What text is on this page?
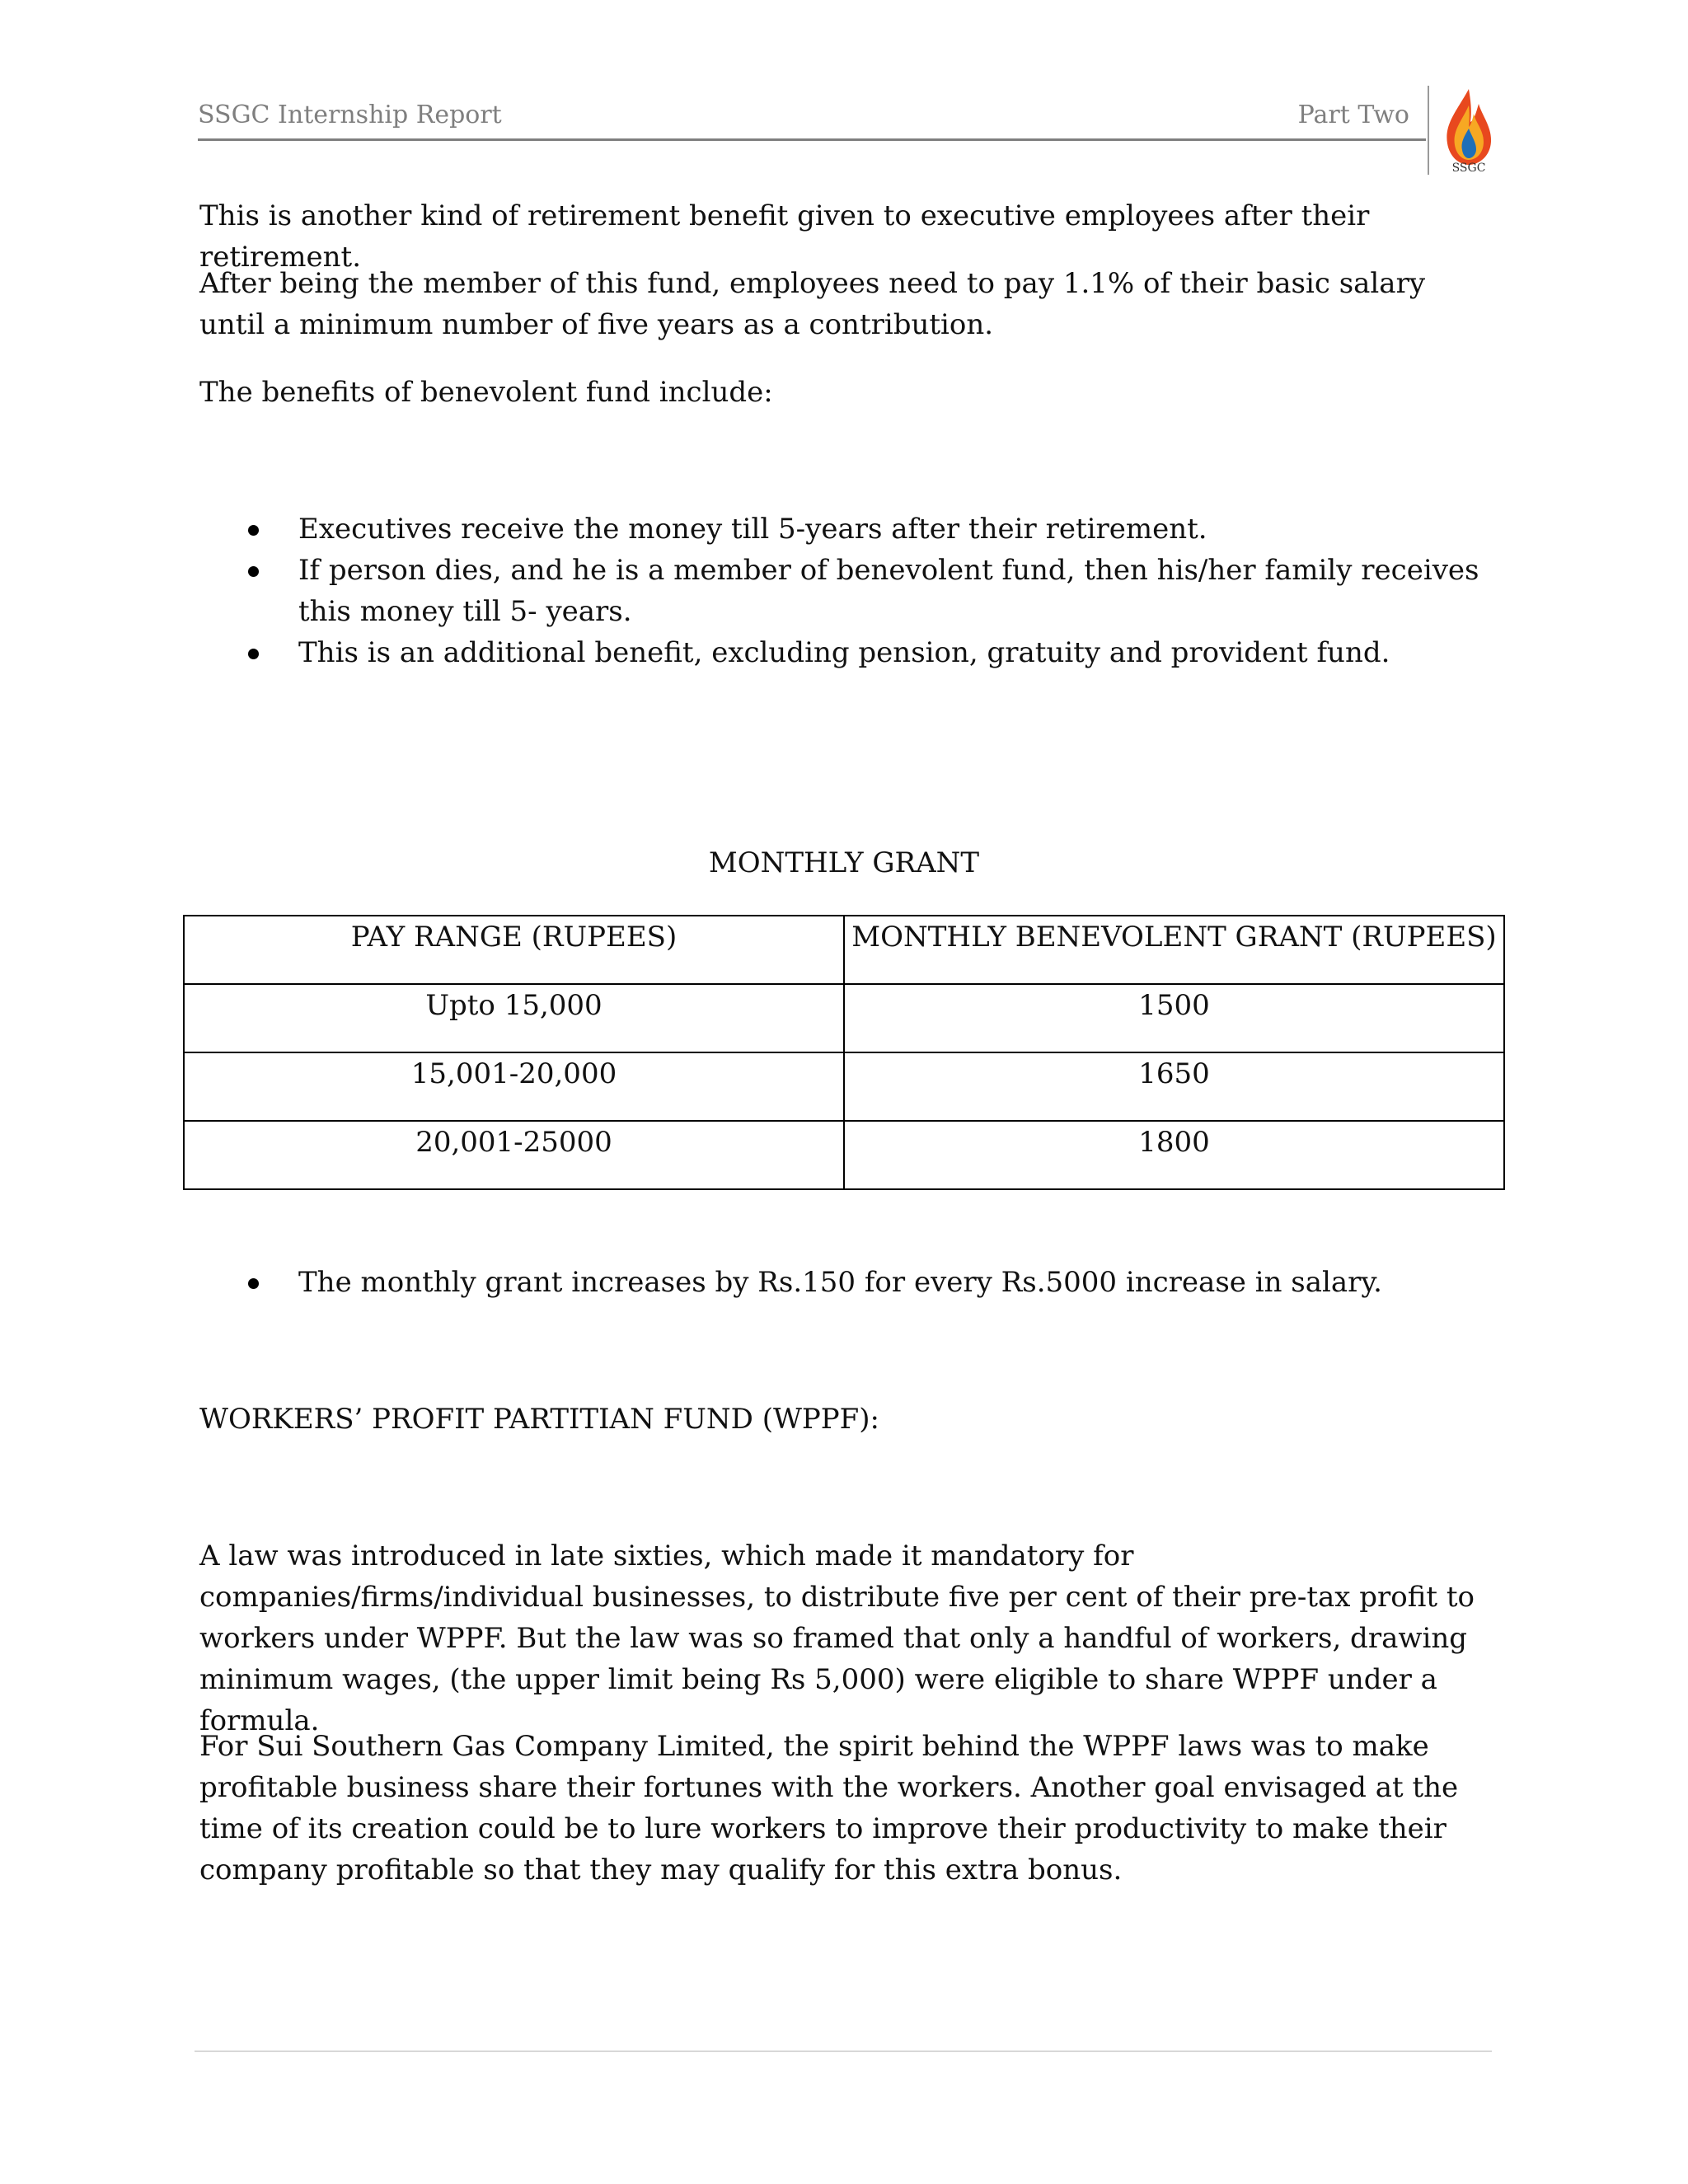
SSGC Internship Report	Part Two
SSGC

This is another kind of retirement benefit given to executive employees after their retirement.

After being the member of this fund, employees need to pay 1.1% of their basic salary until a minimum number of five years as a contribution.

The benefits of benevolent fund include:

Executives receive the money till 5-years after their retirement.
If person dies, and he is a member of benevolent fund, then his/her family receives this money till 5- years.
This is an additional benefit, excluding pension, gratuity and provident fund.
MONTHLY GRANT
PAY RANGE (RUPEES)	MONTHLY BENEVOLENT GRANT (RUPEES)
Upto 15,000	1500
15,001-20,000	1650
20,001-25000	1800
The monthly grant increases by Rs.150 for every Rs.5000 increase in salary.

WORKERS’ PROFIT PARTITIAN FUND (WPPF):

A law was introduced in late sixties, which made it mandatory for companies/firms/individual businesses, to distribute five per cent of their pre-tax profit to workers under WPPF. But the law was so framed that only a handful of workers, drawing minimum wages, (the upper limit being Rs 5,000) were eligible to share WPPF under a formula.

For Sui Southern Gas Company Limited, the spirit behind the WPPF laws was to make profitable business share their fortunes with the workers. Another goal envisaged at the time of its creation could be to lure workers to improve their productivity to make their company profitable so that they may qualify for this extra bonus.
